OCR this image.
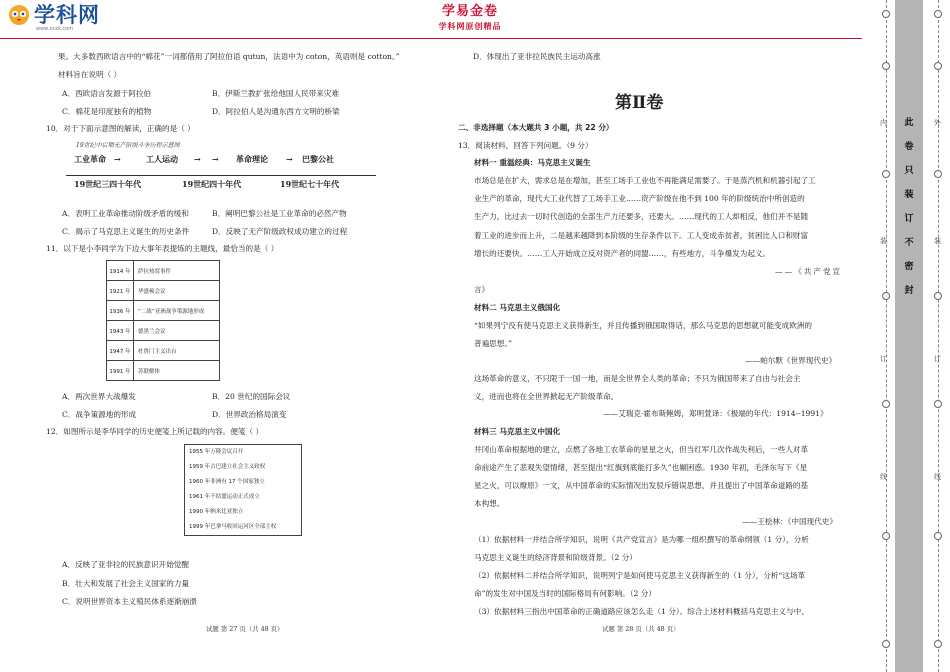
学科网
www.zxxk.com
学易金卷
学科网原创精品

果。大多数西欧语言中的“棉花”一词都借用了阿拉伯语 qutun，法语中为 coton，英语则是 cotton。”

材料旨在说明（ ）

A．西欧语言发源于阿拉伯	B．伊斯兰教扩张给他国人民带来灾难
C．棉花是印度独有的植物	D．阿拉伯人是沟通东西方文明的桥梁

10．对于下面示意图的解读，正确的是（ ）

19世纪中后期无产阶级斗争历程示意图
工业革命 →	工人运动 → → 革命理论 → 巴黎公社
19世纪三四十年代	19世纪四十年代	19世纪七十年代
A．表明工业革命推动阶级矛盾的缓和	B．阐明巴黎公社是工业革命的必然产物
C．揭示了马克思主义诞生的历史条件	D．反映了无产阶级政权成功建立的过程

11．以下是小李同学为下边大事年表提炼的主题线，最恰当的是（ ）

1914 年	萨拉热窝事件
1921 年	华盛顿会议
1936 年	“二战”亚洲战争策源地形成
1943 年	德黑兰会议
1947 年	杜鲁门主义出台
1991 年	苏联解体
A．两次世界大战爆发	B．20 世纪的国际会议
C．战争策源地的形成	D．世界政治格局演变

12．如图所示是李华同学的历史便笺上所记载的内容。便笺（ ）

1955 年万隆会议召开
1959 年古巴建立社会主义政权
1960 年非洲有 17 个国家独立
1961 年不结盟运动正式成立
1990 年纳米比亚独立
1999 年巴拿马收回运河区全部主权
A．反映了亚非拉的民族意识开始觉醒
B．壮大和发展了社会主义国家的力量
C．说明世界资本主义殖民体系逐渐崩溃

试题 第 27 页（共 48 页）

D．体现出了亚非拉民族民主运动高涨

第Ⅱ卷

二、非选择题（本大题共 3 小题，共 22 分）

13．阅读材料，回答下列问题。（9 分）

材料一 重温经典：马克思主义诞生

市场总是在扩大，需求总是在增加，甚至工场手工业也不再能满足需要了。于是蒸汽机和机器引起了工

业生产的革命，现代大工业代替了工场手工业……资产阶级在他不到 100 年的阶级统治中所创造的

生产力，比过去一切时代创造的全部生产力还要多，还要大。……现代的工人却相反，他们并不是随

着工业的进步而上升，二是越来越降到本阶级的生存条件以下。工人变成赤贫者，贫困比人口和财富

增长的还要快。……工人开始成立反对资产者的同盟……，有些地方，斗争爆发为起义。

——《共产党宣

言》

材料二 马克思主义俄国化

“如果列宁没有使马克思主义获得新生，并且传播到俄国取得话，那么马克思的思想就可能变成欧洲的

普遍思想。”

——帕尔默《世界现代史》

这场革命的意义，不只限于一国一地，而是全世界全人类的革命；不只为俄国带来了自由与社会主

义，进而也将在全世界掀起无产阶级革命。

——艾瑞克·霍布斯鲍姆，郑明萱译：《极端的年代：1914--1991》

材料三 马克思主义中国化

井冈山革命根据地的建立，点燃了各地工农革命的星星之火，但当红军几次作战失利后，一些人对革

命前途产生了悲观失望情绪，甚至提出“红旗到底能打多久”也辗困惑。1930 年初，毛泽东写下《星

星之火，可以燎原》一文，从中国革命的实际情况出发驳斥错误思想，并且提出了中国革命道路的基

本构想。

——王桧林：《中国现代史》

（1）依据材料一并结合所学知识，说明《共产党宣言》是为哪一组织撰写的革命纲领（1 分），分析

马克思主义诞生的经济背景和阶级背景。（2 分）

（2）依据材料二并结合所学知识，说明列宁是如何使马克思主义获得新生的（1 分），分析“这场革

命”的发生对中国及当时的国际格局有何影响。（2 分）

（3）依据材料三指出中国革命的正确道路应该怎么走（1 分）。综合上述材料概括马克思主义与中、

试题 第 28 页（共 48 页）

此
卷
只
装
订
不
密
封
内
装
订
线
外
装
订
线
